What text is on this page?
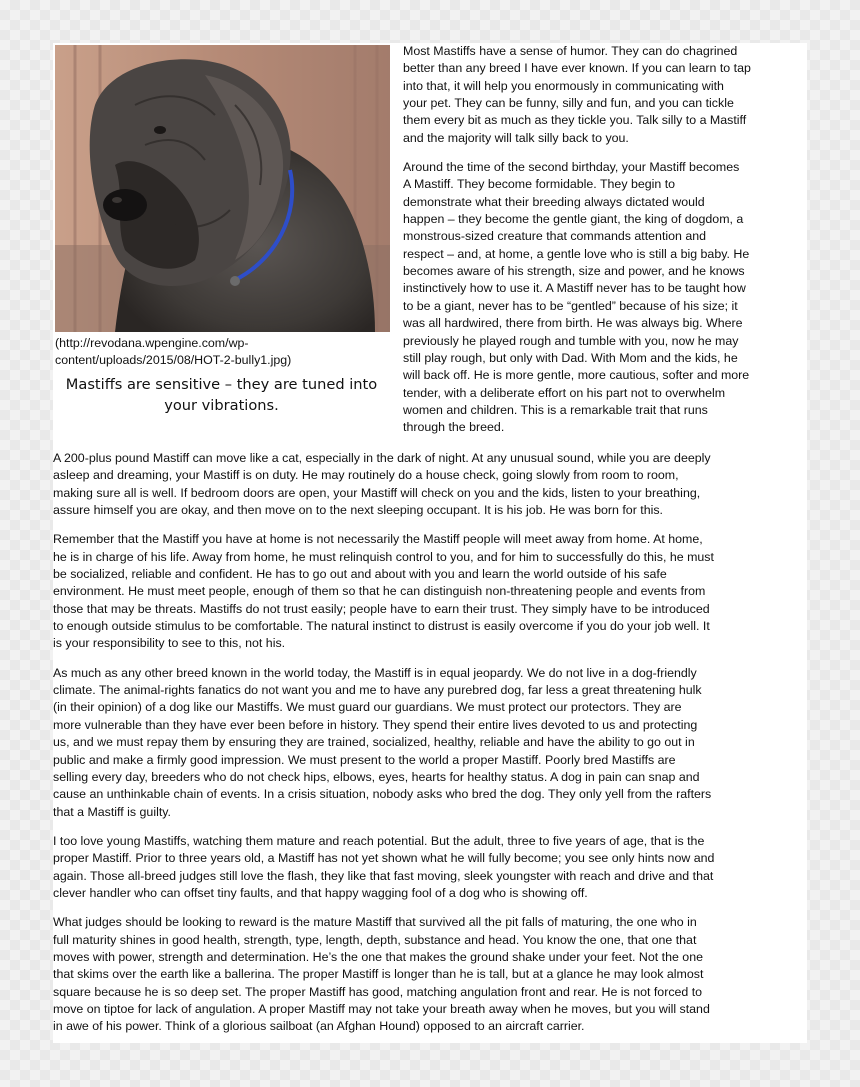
(http://revodana.wpengine.com/wp-
content/uploads/2015/08/HOT-2-bully1.jpg)
Mastiffs are sensitive – they are tuned into
your vibrations.

Most Mastiffs have a sense of humor. They can do chagrined
better than any breed I have ever known. If you can learn to tap
into that, it will help you enormously in communicating with
your pet. They can be funny, silly and fun, and you can tickle
them every bit as much as they tickle you. Talk silly to a Mastiff
and the majority will talk silly back to you.

Around the time of the second birthday, your Mastiff becomes
A Mastiff. They become formidable. They begin to
demonstrate what their breeding always dictated would
happen – they become the gentle giant, the king of dogdom, a
monstrous-sized creature that commands attention and
respect – and, at home, a gentle love who is still a big baby. He
becomes aware of his strength, size and power, and he knows
instinctively how to use it. A Mastiff never has to be taught how
to be a giant, never has to be “gentled” because of his size; it
was all hardwired, there from birth. He was always big. Where
previously he played rough and tumble with you, now he may
still play rough, but only with Dad. With Mom and the kids, he
will back off. He is more gentle, more cautious, softer and more
tender, with a deliberate effort on his part not to overwhelm
women and children. This is a remarkable trait that runs
through the breed.

A 200-plus pound Mastiff can move like a cat, especially in the dark of night. At any unusual sound, while you are deeply
asleep and dreaming, your Mastiff is on duty. He may routinely do a house check, going slowly from room to room,
making sure all is well. If bedroom doors are open, your Mastiff will check on you and the kids, listen to your breathing,
assure himself you are okay, and then move on to the next sleeping occupant. It is his job. He was born for this.

Remember that the Mastiff you have at home is not necessarily the Mastiff people will meet away from home. At home,
he is in charge of his life. Away from home, he must relinquish control to you, and for him to successfully do this, he must
be socialized, reliable and confident. He has to go out and about with you and learn the world outside of his safe
environment. He must meet people, enough of them so that he can distinguish non-threatening people and events from
those that may be threats. Mastiffs do not trust easily; people have to earn their trust. They simply have to be introduced
to enough outside stimulus to be comfortable. The natural instinct to distrust is easily overcome if you do your job well. It
is your responsibility to see to this, not his.

As much as any other breed known in the world today, the Mastiff is in equal jeopardy. We do not live in a dog-friendly
climate. The animal-rights fanatics do not want you and me to have any purebred dog, far less a great threatening hulk
(in their opinion) of a dog like our Mastiffs. We must guard our guardians. We must protect our protectors. They are
more vulnerable than they have ever been before in history. They spend their entire lives devoted to us and protecting
us, and we must repay them by ensuring they are trained, socialized, healthy, reliable and have the ability to go out in
public and make a firmly good impression. We must present to the world a proper Mastiff. Poorly bred Mastiffs are
selling every day, breeders who do not check hips, elbows, eyes, hearts for healthy status. A dog in pain can snap and
cause an unthinkable chain of events. In a crisis situation, nobody asks who bred the dog. They only yell from the rafters
that a Mastiff is guilty.

I too love young Mastiffs, watching them mature and reach potential. But the adult, three to five years of age, that is the
proper Mastiff. Prior to three years old, a Mastiff has not yet shown what he will fully become; you see only hints now and
again. Those all-breed judges still love the flash, they like that fast moving, sleek youngster with reach and drive and that
clever handler who can offset tiny faults, and that happy wagging fool of a dog who is showing off.

What judges should be looking to reward is the mature Mastiff that survived all the pit falls of maturing, the one who in
full maturity shines in good health, strength, type, length, depth, substance and head. You know the one, that one that
moves with power, strength and determination. He’s the one that makes the ground shake under your feet. Not the one
that skims over the earth like a ballerina. The proper Mastiff is longer than he is tall, but at a glance he may look almost
square because he is so deep set. The proper Mastiff has good, matching angulation front and rear. He is not forced to
move on tiptoe for lack of angulation. A proper Mastiff may not take your breath away when he moves, but you will stand
in awe of his power. Think of a glorious sailboat (an Afghan Hound) opposed to an aircraft carrier.
